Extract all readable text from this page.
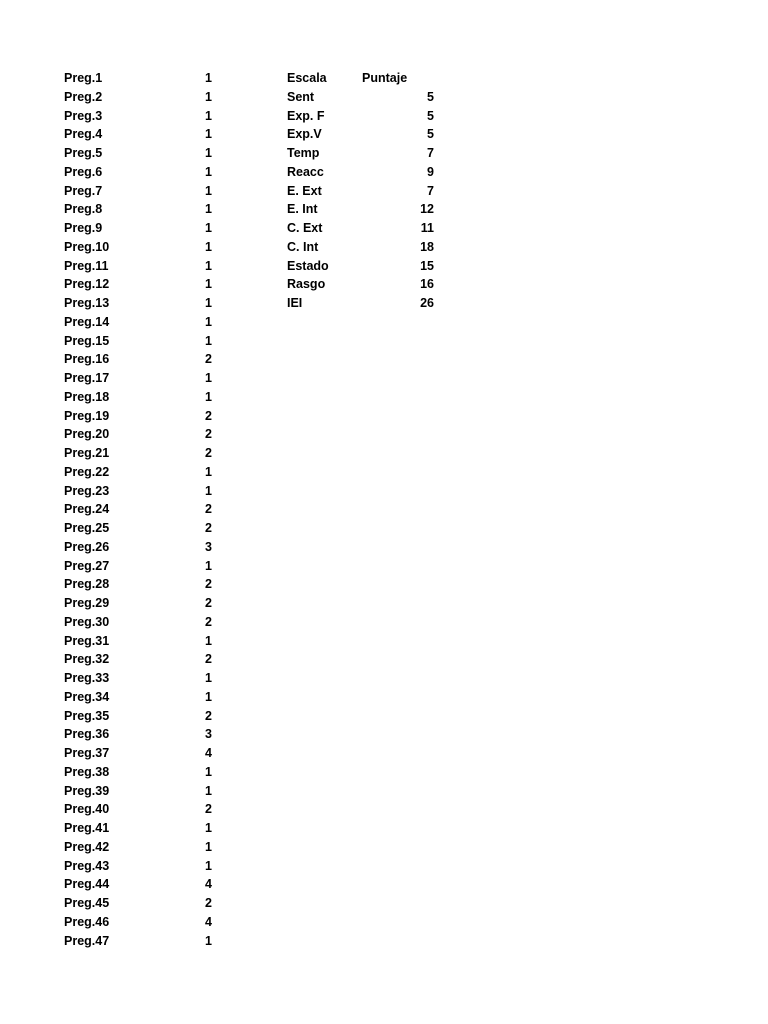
Preg.1	1
Preg.2	1
Preg.3	1
Preg.4	1
Preg.5	1
Preg.6	1
Preg.7	1
Preg.8	1
Preg.9	1
Preg.10	1
Preg.11	1
Preg.12	1
Preg.13	1
Preg.14	1
Preg.15	1
Preg.16	2
Preg.17	1
Preg.18	1
Preg.19	2
Preg.20	2
Preg.21	2
Preg.22	1
Preg.23	1
Preg.24	2
Preg.25	2
Preg.26	3
Preg.27	1
Preg.28	2
Preg.29	2
Preg.30	2
Preg.31	1
Preg.32	2
Preg.33	1
Preg.34	1
Preg.35	2
Preg.36	3
Preg.37	4
Preg.38	1
Preg.39	1
Preg.40	2
Preg.41	1
Preg.42	1
Preg.43	1
Preg.44	4
Preg.45	2
Preg.46	4
Preg.47	1
Escala	Puntaje
Sent	5
Exp. F	5
Exp.V	5
Temp	7
Reacc	9
E. Ext	7
E. Int	12
C. Ext	11
C. Int	18
Estado	15
Rasgo	16
IEI	26
